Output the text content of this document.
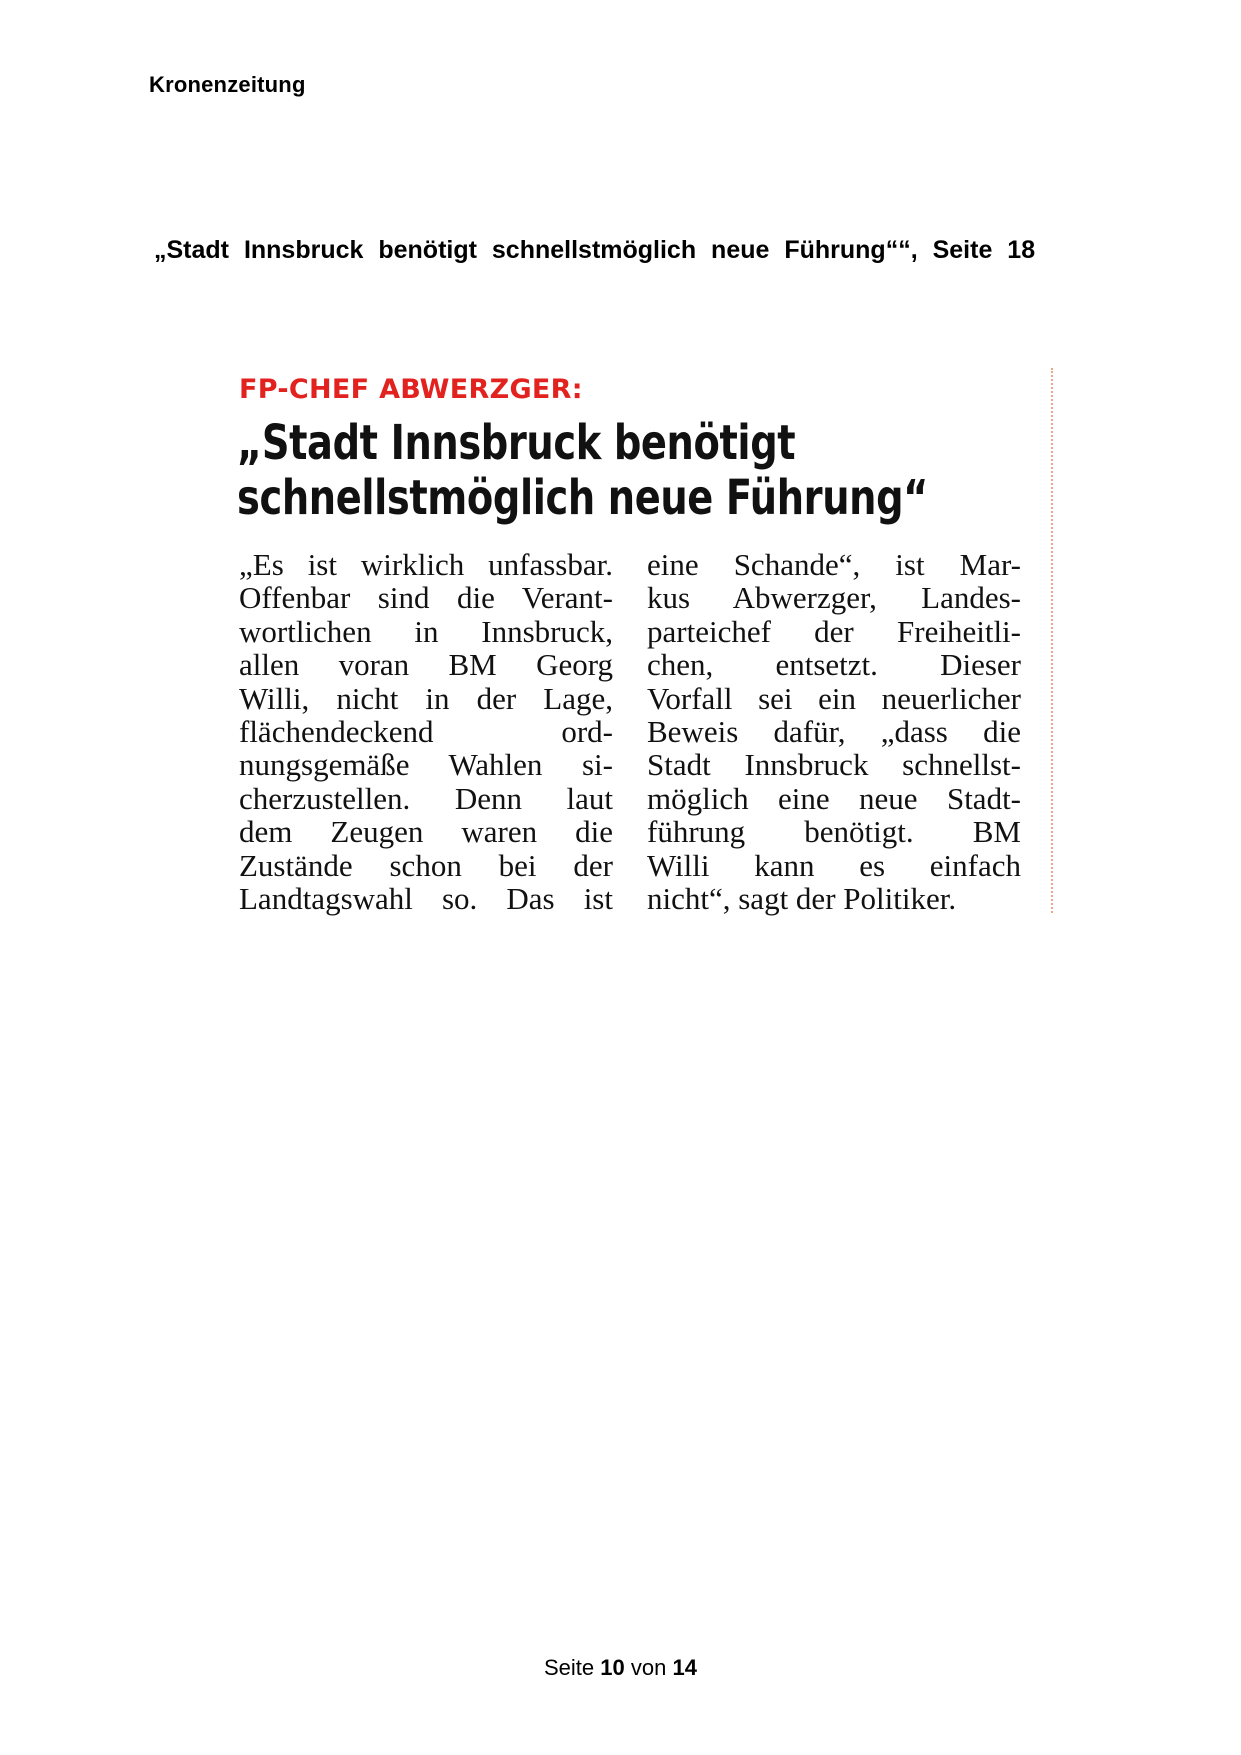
Kronenzeitung
„Stadt Innsbruck benötigt schnellstmöglich neue Führung““, Seite 18
FP-CHEF ABWERZGER:
„Stadt Innsbruck benötigt
schnellstmöglich neue Führung“
„Es ist wirklich unfassbar.
Offenbar sind die Verant-
wortlichen in Innsbruck,
allen voran BM Georg
Willi, nicht in der Lage,
flächendeckend ord-
nungsgemäße Wahlen si-
cherzustellen. Denn laut
dem Zeugen waren die
Zustände schon bei der
Landtagswahl so. Das ist
eine Schande“, ist Mar-
kus Abwerzger, Landes-
parteichef der Freiheitli-
chen, entsetzt. Dieser
Vorfall sei ein neuerlicher
Beweis dafür, „dass die
Stadt Innsbruck schnellst-
möglich eine neue Stadt-
führung benötigt. BM
Willi kann es einfach
nicht“, sagt der Politiker.
Seite 10 von 14
